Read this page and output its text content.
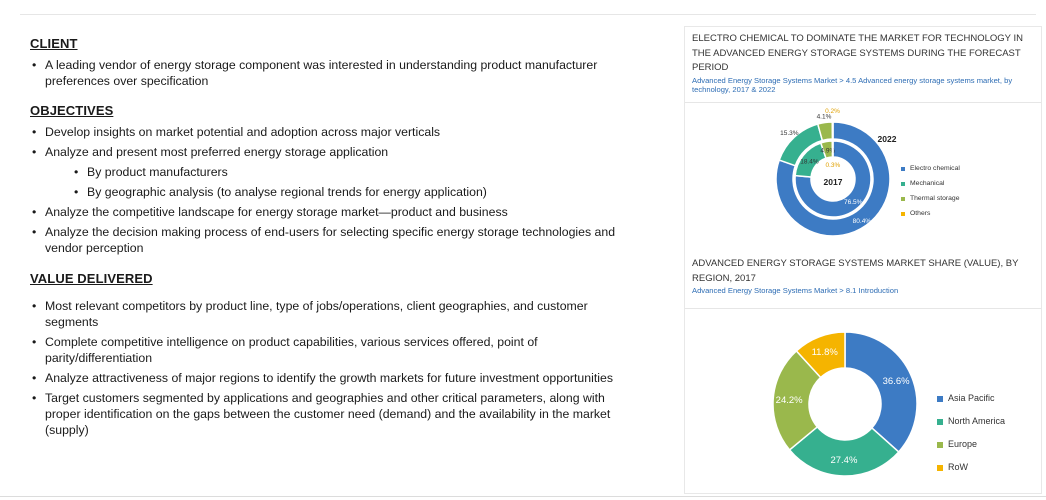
CLIENT
• A leading vendor of energy storage component was interested in understanding product manufacturer preferences over specification
OBJECTIVES
• Develop insights on market potential and adoption across major verticals
• Analyze and present most preferred energy storage application
• By product manufacturers
• By geographic analysis (to analyse regional trends for energy application)
• Analyze the competitive landscape for energy storage market—product and business
• Analyze the decision making process of end-users for selecting specific energy storage technologies and vendor perception
VALUE DELIVERED
• Most relevant competitors by product line, type of jobs/operations, client geographies, and customer segments
• Complete competitive intelligence on product capabilities, various services offered, point of parity/differentiation
• Analyze attractiveness of major regions to identify the growth markets for future investment opportunities
• Target customers segmented by applications and geographies and other critical parameters, along with proper identification on the gaps between the customer need (demand) and the availability in the market (supply)
ELECTRO CHEMICAL TO DOMINATE THE MARKET FOR TECHNOLOGY IN THE ADVANCED ENERGY STORAGE SYSTEMS DURING THE FORECAST PERIOD
Advanced Energy Storage Systems Market > 4.5 Advanced energy storage systems market, by technology, 2017 & 2022
80.4%
15.3%
4.1%
0.2%
76.5%
18.4%
4.9%
0.3%
2017
2022
Electro chemical
Mechanical
Thermal storage
Others
ADVANCED ENERGY STORAGE SYSTEMS MARKET SHARE (VALUE), BY REGION, 2017
Advanced Energy Storage Systems Market > 8.1 Introduction
36.6%
27.4%
24.2%
11.8%
Asia Pacific
North America
Europe
RoW
